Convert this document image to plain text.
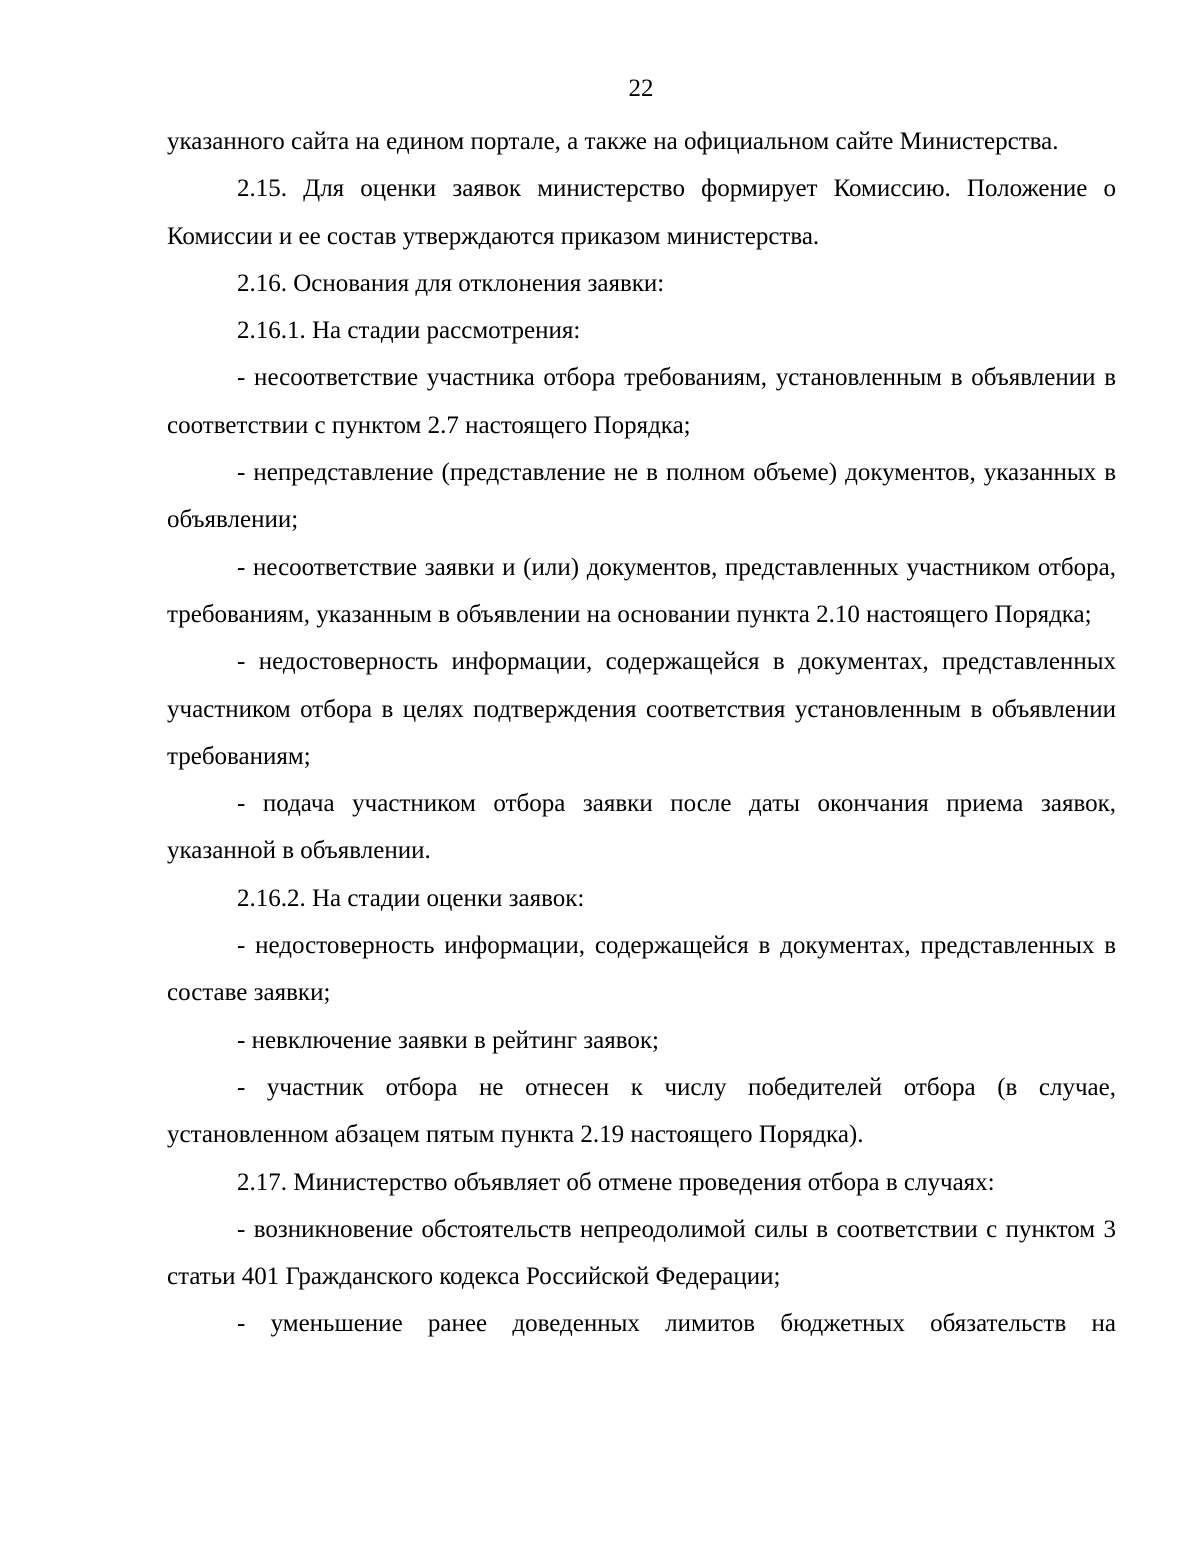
22

указанного сайта на едином портале, а также на официальном сайте Министерства.

2.15. Для оценки заявок министерство формирует Комиссию. Положение о Комиссии и ее состав утверждаются приказом министерства.

2.16. Основания для отклонения заявки:

2.16.1. На стадии рассмотрения:

- несоответствие участника отбора требованиям, установленным в объявлении в соответствии с пунктом 2.7 настоящего Порядка;

- непредставление (представление не в полном объеме) документов, указанных в объявлении;

- несоответствие заявки и (или) документов, представленных участником отбора, требованиям, указанным в объявлении на основании пункта 2.10 настоящего Порядка;

- недостоверность информации, содержащейся в документах, представленных участником отбора в целях подтверждения соответствия установленным в объявлении требованиям;

- подача участником отбора заявки после даты окончания приема заявок, указанной в объявлении.

2.16.2. На стадии оценки заявок:

- недостоверность информации, содержащейся в документах, представленных в составе заявки;

- невключение заявки в рейтинг заявок;

- участник отбора не отнесен к числу победителей отбора (в случае, установленном абзацем пятым пункта 2.19 настоящего Порядка).

2.17. Министерство объявляет об отмене проведения отбора в случаях:

- возникновение обстоятельств непреодолимой силы в соответствии с пунктом 3 статьи 401 Гражданского кодекса Российской Федерации;

- уменьшение ранее доведенных лимитов бюджетных обязательств на
